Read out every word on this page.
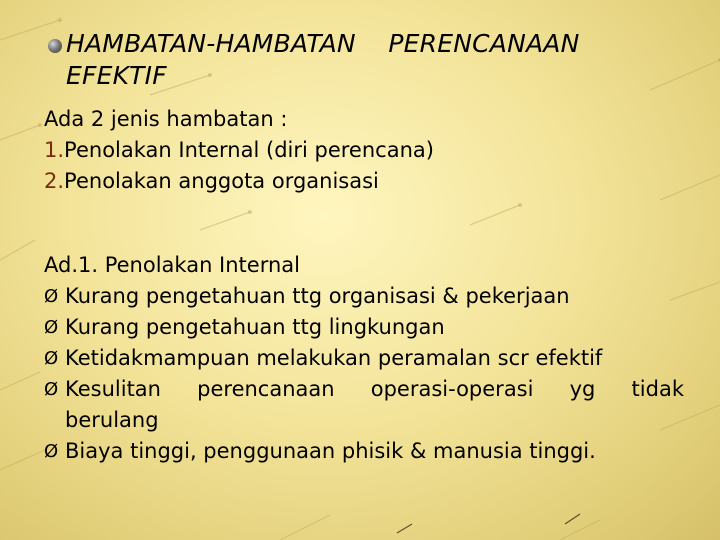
HAMBATAN-HAMBATAN    PERENCANAAN
EFEKTIF
Ada 2 jenis hambatan :
1.Penolakan Internal (diri perencana)
2.Penolakan anggota organisasi
Ad.1. Penolakan Internal
Ø Kurang pengetahuan ttg organisasi & pekerjaan
Ø Kurang pengetahuan ttg lingkungan
Ø Ketidakmampuan melakukan peramalan scr efektif
Ø Kesulitan perencanaan operasi-operasi yg tidak
berulang
Ø Biaya tinggi, penggunaan phisik & manusia tinggi.
